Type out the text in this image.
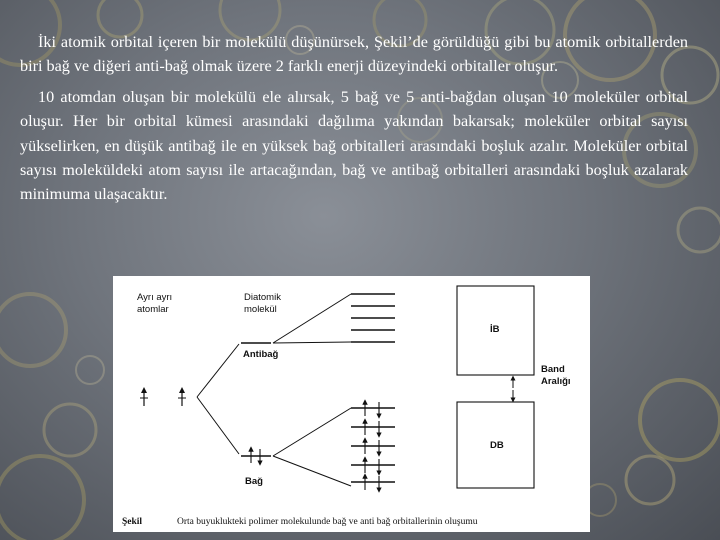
İki atomik orbital içeren bir molekülü düşünürsek, Şekil’de görüldüğü gibi bu atomik orbitallerden biri bağ ve diğeri anti-bağ olmak üzere 2 farklı enerji düzeyindeki orbitaller oluşur.

10 atomdan oluşan bir molekülü ele alırsak, 5 bağ ve 5 anti-bağdan oluşan 10 moleküler orbital oluşur. Her bir orbital kümesi arasındaki dağılıma yakından bakarsak; moleküler orbital sayısı yükselirken, en düşük antibağ ile en yüksek bağ orbitalleri arasındaki boşluk azalır. Moleküler orbital sayısı moleküldeki atom sayısı ile artacağından, bağ ve antibağ orbitalleri arasındaki boşluk azalarak minimuma ulaşacaktır.

Ayrı ayrı
atomlar
Diatomik
molekül
Antibağ
Bağ
İB
DB
Band
Aralığı
Şekil	Orta buyuklukteki polimer molekulunde bağ ve anti bağ orbitallerinin oluşumu
